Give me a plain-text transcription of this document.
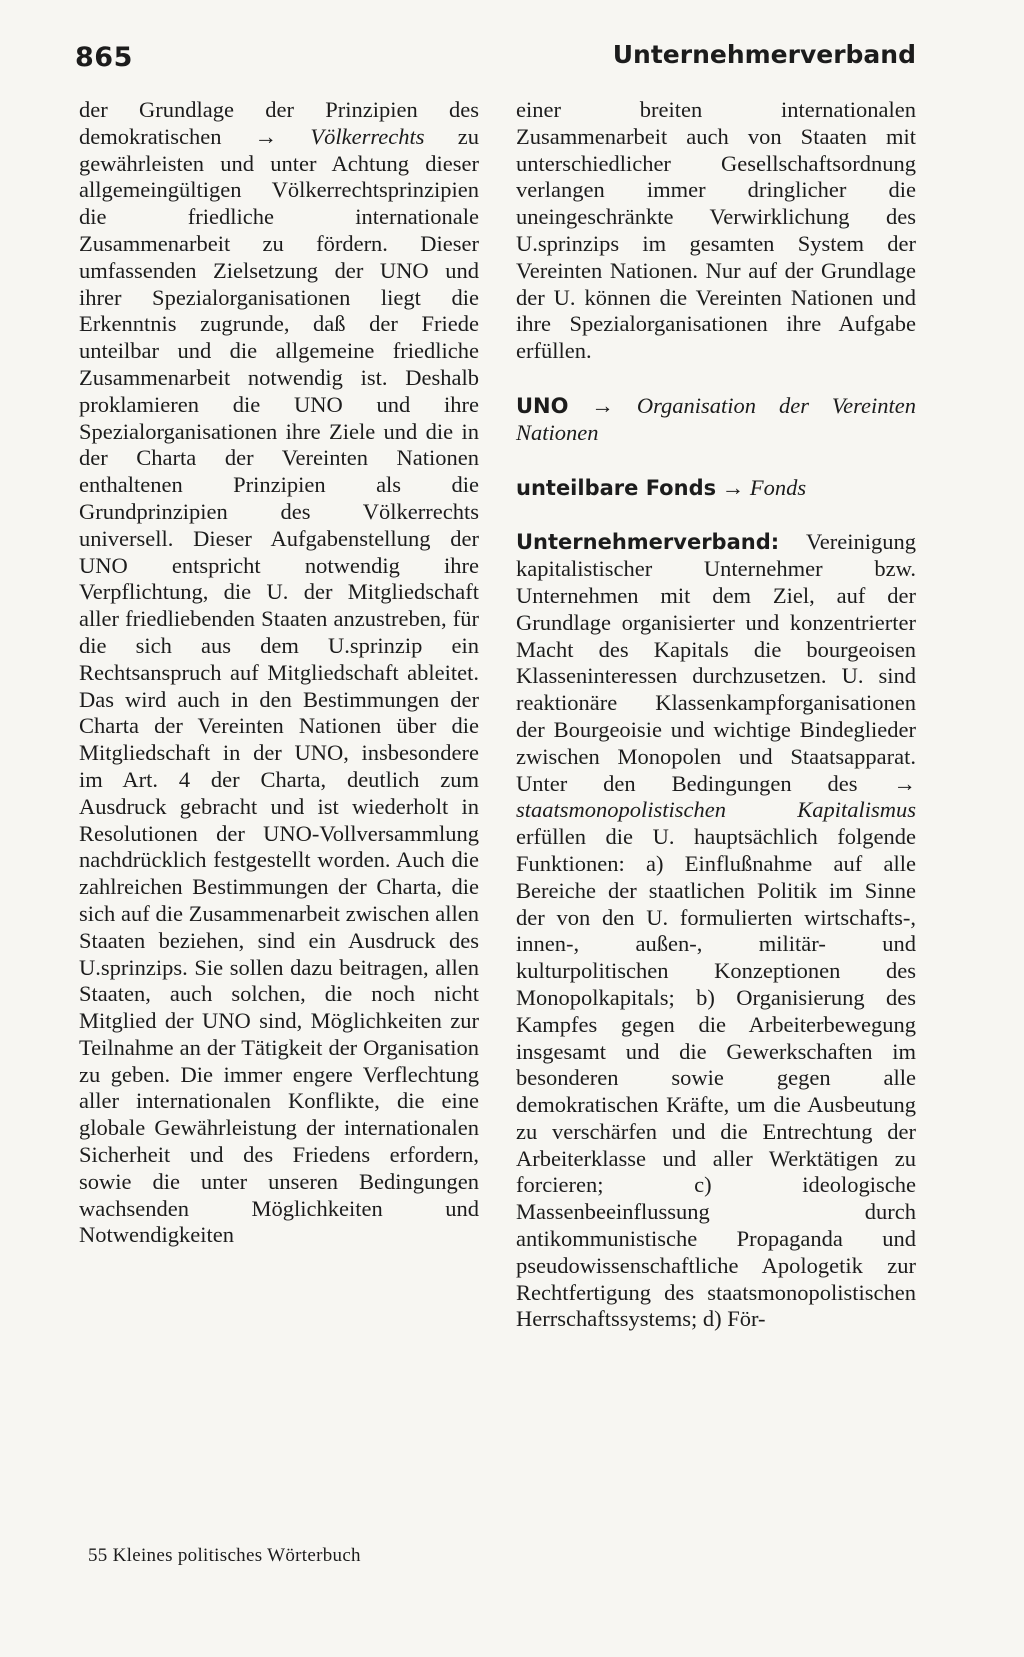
865	Unternehmerverband

der Grundlage der Prinzipien des demokratischen → Völkerrechts zu gewährleisten und unter Achtung dieser allgemeingültigen Völkerrechtsprinzipien die friedliche internationale Zusammenarbeit zu fördern. Dieser umfassenden Zielsetzung der UNO und ihrer Spezialorganisationen liegt die Erkenntnis zugrunde, daß der Friede unteilbar und die allgemeine friedliche Zusammenarbeit notwendig ist. Deshalb proklamieren die UNO und ihre Spezialorganisationen ihre Ziele und die in der Charta der Vereinten Nationen enthaltenen Prinzipien als die Grundprinzipien des Völkerrechts universell. Dieser Aufgabenstellung der UNO entspricht notwendig ihre Verpflichtung, die U. der Mitgliedschaft aller friedliebenden Staaten anzustreben, für die sich aus dem U.sprinzip ein Rechtsanspruch auf Mitgliedschaft ableitet. Das wird auch in den Bestimmungen der Charta der Vereinten Nationen über die Mitgliedschaft in der UNO, insbesondere im Art. 4 der Charta, deutlich zum Ausdruck gebracht und ist wiederholt in Resolutionen der UNO-Vollversammlung nachdrücklich festgestellt worden. Auch die zahlreichen Bestimmungen der Charta, die sich auf die Zusammenarbeit zwischen allen Staaten beziehen, sind ein Ausdruck des U.sprinzips. Sie sollen dazu beitragen, allen Staaten, auch solchen, die noch nicht Mitglied der UNO sind, Möglichkeiten zur Teilnahme an der Tätigkeit der Organisation zu geben. Die immer engere Verflechtung aller internationalen Konflikte, die eine globale Gewährleistung der internationalen Sicherheit und des Friedens erfordern, sowie die unter unseren Bedingungen wachsenden Möglichkeiten und Notwendigkeiten

einer breiten internationalen Zusammenarbeit auch von Staaten mit unterschiedlicher Gesellschaftsordnung verlangen immer dringlicher die uneingeschränkte Verwirklichung des U.sprinzips im gesamten System der Vereinten Nationen. Nur auf der Grundlage der U. können die Vereinten Nationen und ihre Spezialorganisationen ihre Aufgabe erfüllen.

UNO → Organisation der Vereinten Nationen

unteilbare Fonds → Fonds

Unternehmerverband: Vereinigung kapitalistischer Unternehmer bzw. Unternehmen mit dem Ziel, auf der Grundlage organisierter und konzentrierter Macht des Kapitals die bourgeoisen Klasseninteressen durchzusetzen. U. sind reaktionäre Klassenkampforganisationen der Bourgeoisie und wichtige Bindeglieder zwischen Monopolen und Staatsapparat. Unter den Bedingungen des → staatsmonopolistischen Kapitalismus erfüllen die U. hauptsächlich folgende Funktionen: a) Einflußnahme auf alle Bereiche der staatlichen Politik im Sinne der von den U. formulierten wirtschafts-, innen-, außen-, militär- und kulturpolitischen Konzeptionen des Monopolkapitals; b) Organisierung des Kampfes gegen die Arbeiterbewegung insgesamt und die Gewerkschaften im besonderen sowie gegen alle demokratischen Kräfte, um die Ausbeutung zu verschärfen und die Entrechtung der Arbeiterklasse und aller Werktätigen zu forcieren; c) ideologische Massenbeeinflussung durch antikommunistische Propaganda und pseudowissenschaftliche Apologetik zur Rechtfertigung des staatsmonopolistischen Herrschaftssystems; d) För-

55 Kleines politisches Wörterbuch
